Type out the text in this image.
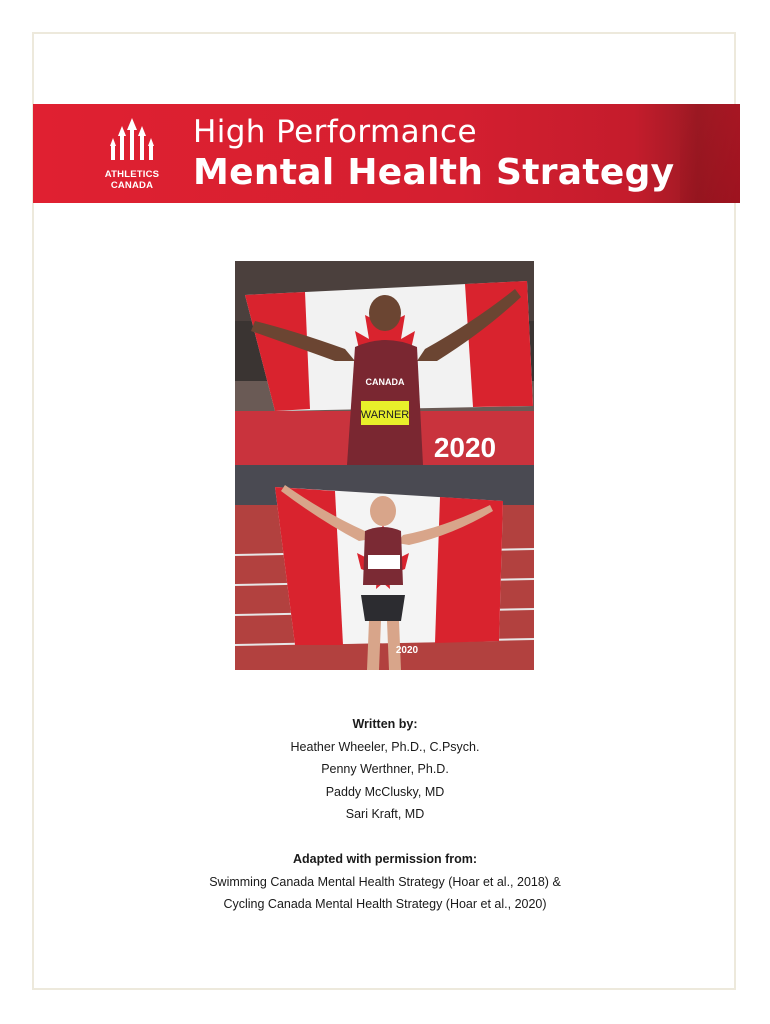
ATHLETICS
CANADA
High Performance
Mental Health Strategy
WARNER
CANADA
2020
2020
Written by:
Heather Wheeler, Ph.D., C.Psych.
Penny Werthner, Ph.D.
Paddy McClusky, MD
Sari Kraft, MD
Adapted with permission from:
Swimming Canada Mental Health Strategy (Hoar et al., 2018) &
Cycling Canada Mental Health Strategy (Hoar et al., 2020)
